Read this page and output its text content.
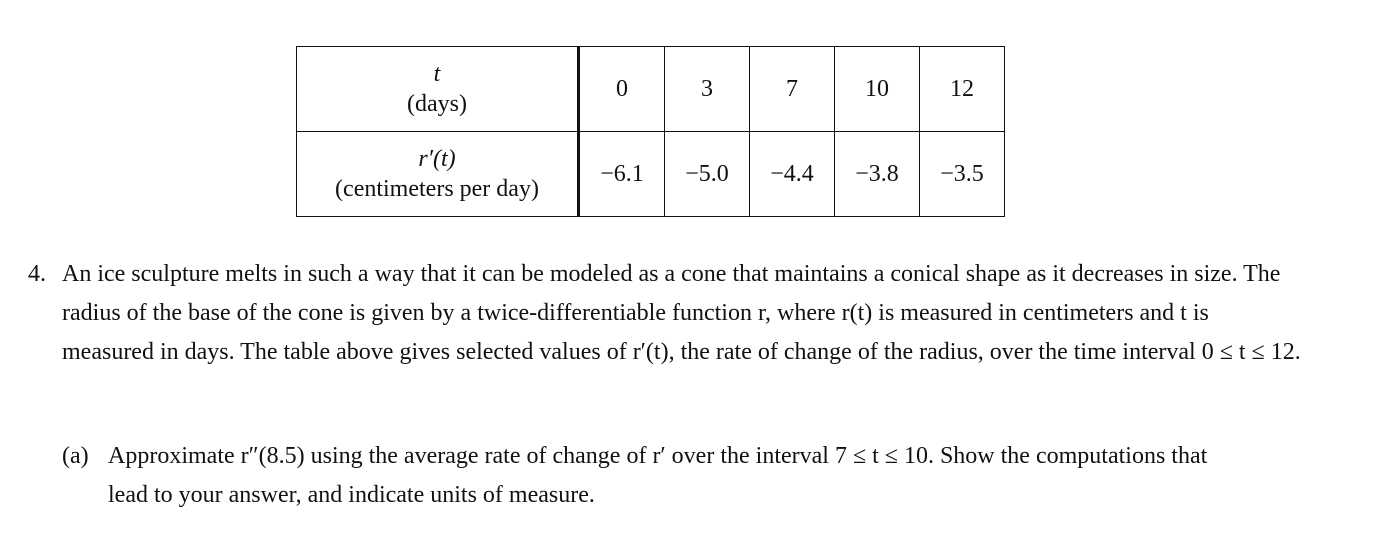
t
(days)	0	3	7	10	12

r′(t)
(centimeters per day)	−6.1	−5.0	−4.4	−3.8	−3.5
4. An ice sculpture melts in such a way that it can be modeled as a cone that maintains a conical shape as it decreases in size. The radius of the base of the cone is given by a twice-differentiable function r, where r(t) is measured in centimeters and t is measured in days. The table above gives selected values of r′(t), the rate of change of the radius, over the time interval 0 ≤ t ≤ 12.
(a) Approximate r″(8.5) using the average rate of change of r′ over the interval 7 ≤ t ≤ 10. Show the computations that lead to your answer, and indicate units of measure.
